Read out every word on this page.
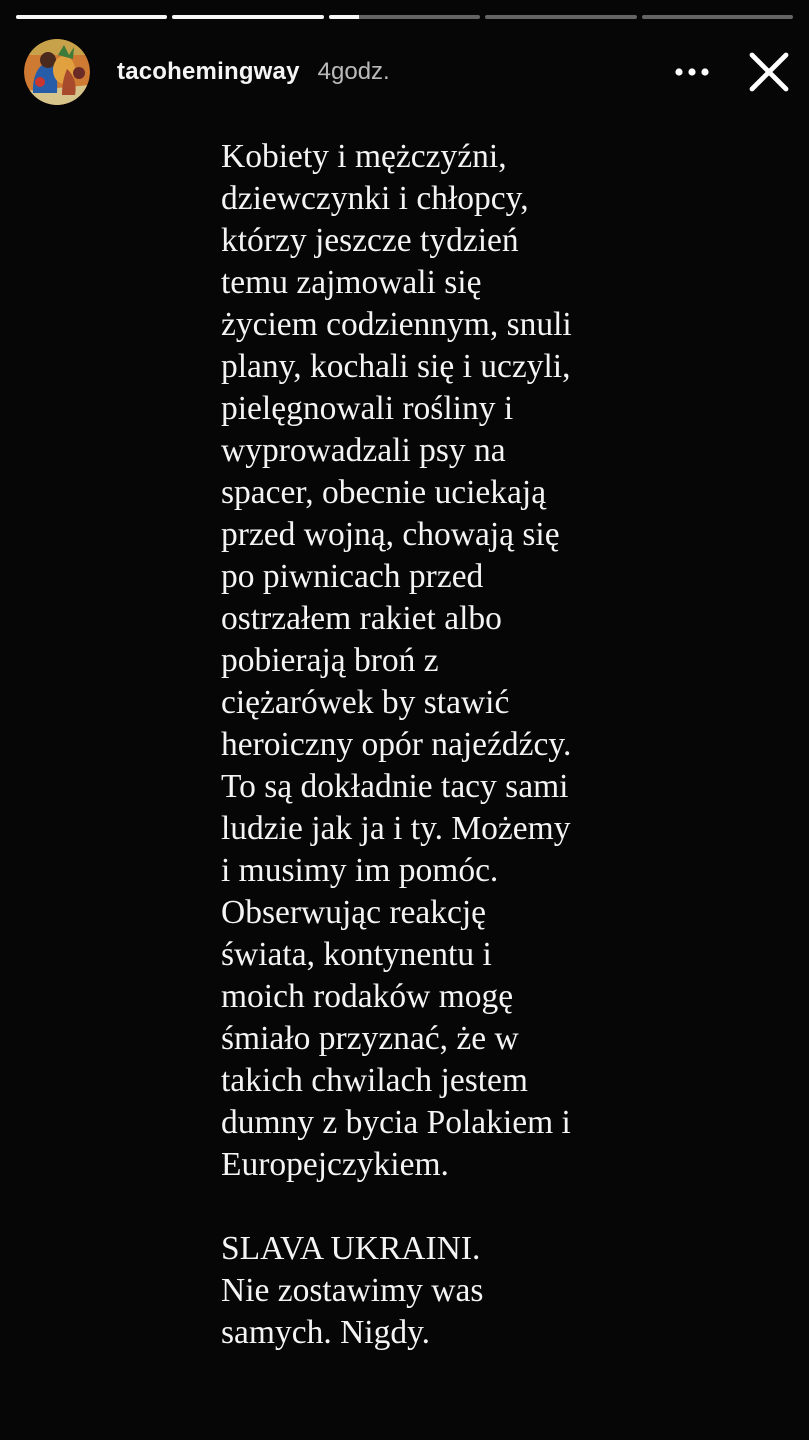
tacohemingway 4godz.

Kobiety i mężczyźni,

dziewczynki i chłopcy,

którzy jeszcze tydzień

temu zajmowali się

życiem codziennym, snuli

plany, kochali się i uczyli,

pielęgnowali rośliny i

wyprowadzali psy na

spacer, obecnie uciekają

przed wojną, chowają się

po piwnicach przed

ostrzałem rakiet albo

pobierają broń z

ciężarówek by stawić

heroiczny opór najeźdźcy.

To są dokładnie tacy sami

ludzie jak ja i ty. Możemy

i musimy im pomóc.

Obserwując reakcję

świata, kontynentu i

moich rodaków mogę

śmiało przyznać, że w

takich chwilach jestem

dumny z bycia Polakiem i

Europejczykiem.

SLAVA UKRAINI.

Nie zostawimy was

samych. Nigdy.
